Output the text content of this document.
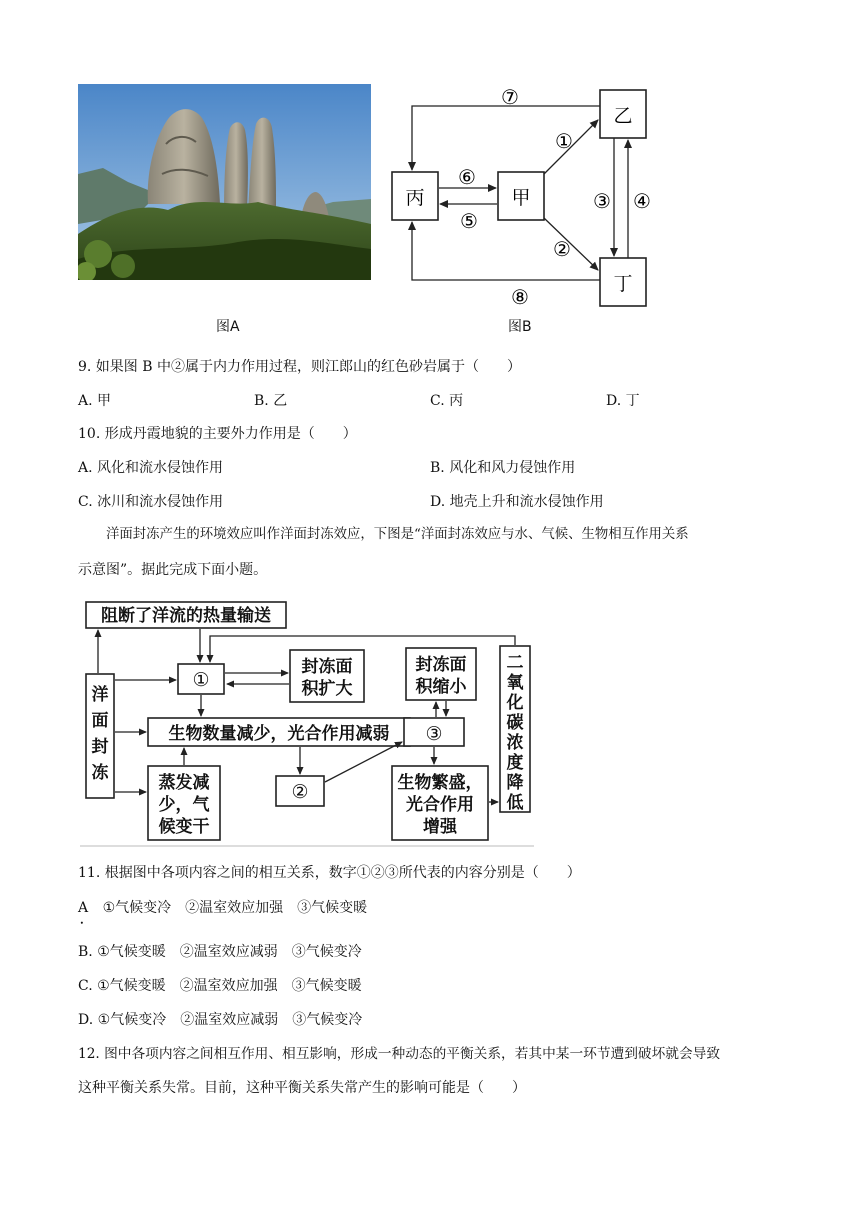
图A
丙	甲
乙
丁
⑦
⑥
⑤
①
②
③ ④
⑧
图B
9. 如果图 B 中②属于内力作用过程，则江郎山的红色砂岩属于（　　）
A. 甲	B. 乙	C. 丙	D. 丁
10. 形成丹霞地貌的主要外力作用是（　　）
A. 风化和流水侵蚀作用	B. 风化和风力侵蚀作用
C. 冰川和流水侵蚀作用	D. 地壳上升和流水侵蚀作用
洋面封冻产生的环境效应叫作洋面封冻效应，下图是“洋面封冻效应与水、气候、生物相互作用关系
示意图”。据此完成下面小题。
阻断了洋流的热量输送
①
封冻面
积扩大
封冻面
积缩小
生物数量减少，光合作用减弱 ③
②
蒸发减
少，气
候变干
生物繁盛，
光合作用
增强
洋
面
封
冻
二
氧
化
碳
浓
度
降
低
11. 根据图中各项内容之间的相互关系，数字①②③所代表的内容分别是（　　）
A ①气候变冷　②温室效应加强　③气候变暖
．
B. ①气候变暖　②温室效应减弱　③气候变冷
C. ①气候变暖　②温室效应加强　③气候变暖
D. ①气候变冷　②温室效应减弱　③气候变冷
12. 图中各项内容之间相互作用、相互影响，形成一种动态的平衡关系，若其中某一环节遭到破坏就会导致
这种平衡关系失常。目前，这种平衡关系失常产生的影响可能是（　　）
